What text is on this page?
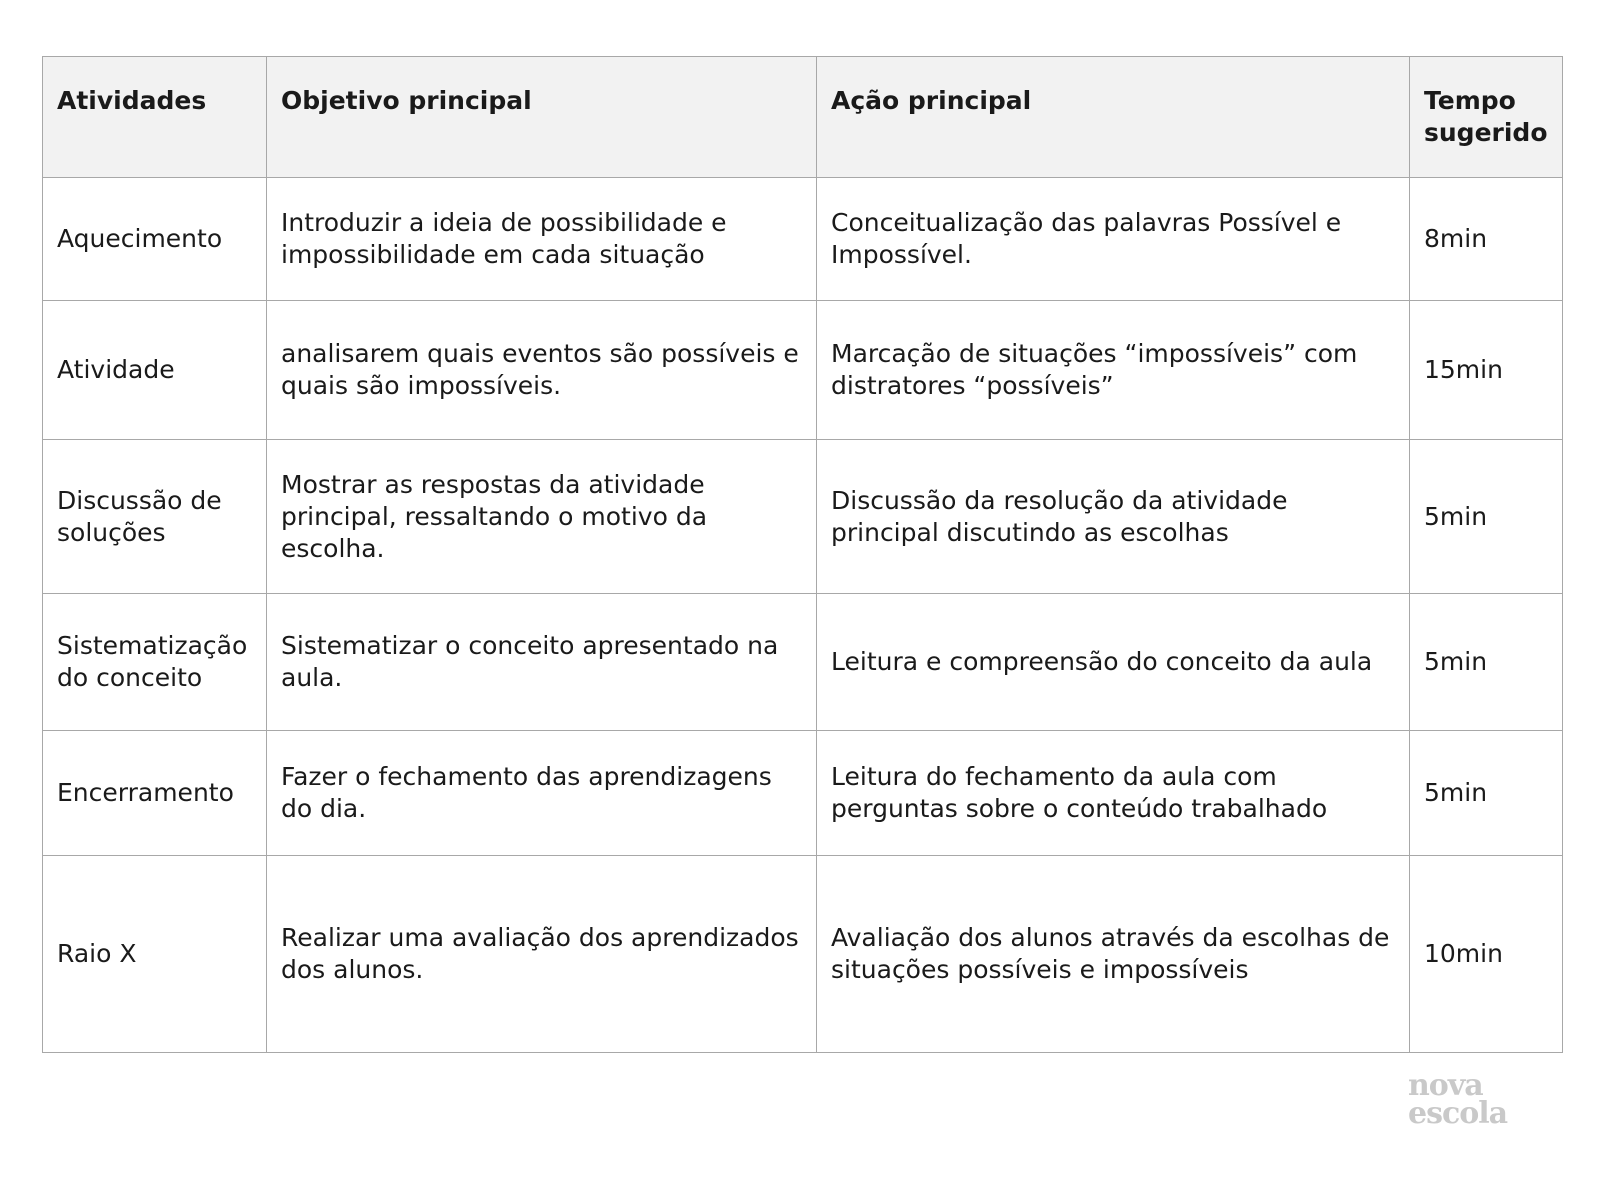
Atividades	Objetivo principal	Ação principal	Tempo sugerido
Aquecimento	Introduzir a ideia de possibilidade e impossibilidade em cada situação	Conceitualização das palavras Possível e Impossível.	8min
Atividade	analisarem quais eventos são possíveis e quais são impossíveis.	Marcação de situações “impossíveis” com distratores “possíveis”	15min
Discussão de soluções	Mostrar as respostas da atividade principal, ressaltando o motivo da escolha.	Discussão da resolução da atividade principal discutindo as escolhas	5min
Sistematização do conceito	Sistematizar o conceito apresentado na aula.	Leitura e compreensão do conceito da aula	5min
Encerramento	Fazer o fechamento das aprendizagens do dia.	Leitura do fechamento da aula com perguntas sobre o conteúdo trabalhado	5min
Raio X	Realizar uma avaliação dos aprendizados dos alunos.	Avaliação dos alunos através da escolhas de situações possíveis e impossíveis	10min
nova
escola
